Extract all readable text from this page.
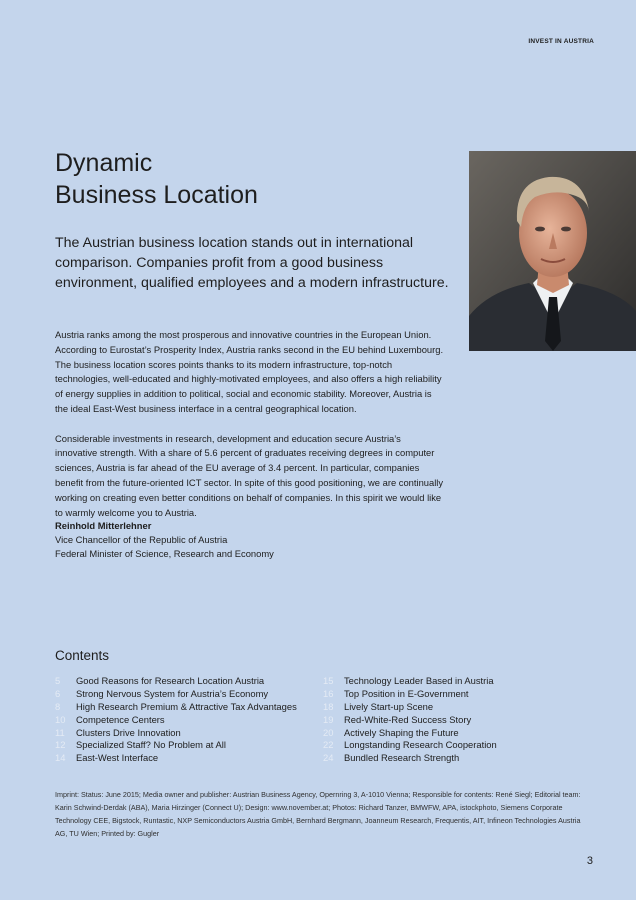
INVEST IN AUSTRIA
Dynamic
Business Location

The Austrian business location stands out in international comparison. Companies profit from a good business environment, qualified employees and a modern infrastructure.

Austria ranks among the most prosperous and innovative countries in the European Union. According to Eurostat’s Prosperity Index, Austria ranks second in the EU behind Luxembourg. The business location scores points thanks to its modern infrastructure, top-notch technologies, well-educated and highly-motivated employees, and also offers a high reliability of energy supplies in addition to political, social and economic stability. Moreover, Austria is the ideal East-West business interface in a central geographical location.

Considerable investments in research, development and education secure Austria’s innovative strength. With a share of 5.6 percent of graduates receiving degrees in computer sciences, Austria is far ahead of the EU average of 3.4 percent. In particular, companies benefit from the future-oriented ICT sector. In spite of this good positioning, we are continually working on creating even better conditions on behalf of companies. In this spirit we would like to warmly welcome you to Austria.

Reinhold Mitterlehner
Vice Chancellor of the Republic of Austria
Federal Minister of Science, Research and Economy
Contents
5	Good Reasons for Research Location Austria
6	Strong Nervous System for Austria’s Economy
8	High Research Premium & Attractive Tax Advantages
10	Competence Centers
11	Clusters Drive Innovation
12	Specialized Staff? No Problem at All
14	East-West Interface
15	Technology Leader Based in Austria
16	Top Position in E-Government
18	Lively Start-up Scene
19	Red-White-Red Success Story
20	Actively Shaping the Future
22	Longstanding Research Cooperation
24	Bundled Research Strength
Imprint: Status: June 2015; Media owner and publisher: Austrian Business Agency, Opernring 3, A-1010 Vienna; Responsible for contents: René Siegl; Editorial team: Karin Schwind-Derdak (ABA), Maria Hirzinger (Connect U); Design: www.november.at; Photos: Richard Tanzer, BMWFW, APA, istockphoto, Siemens Corporate Technology CEE, Bigstock, Runtastic, NXP Semiconductors Austria GmbH, Bernhard Bergmann, Joanneum Research, Frequentis, AIT, Infineon Technologies Austria AG, TU Wien; Printed by: Gugler
3
